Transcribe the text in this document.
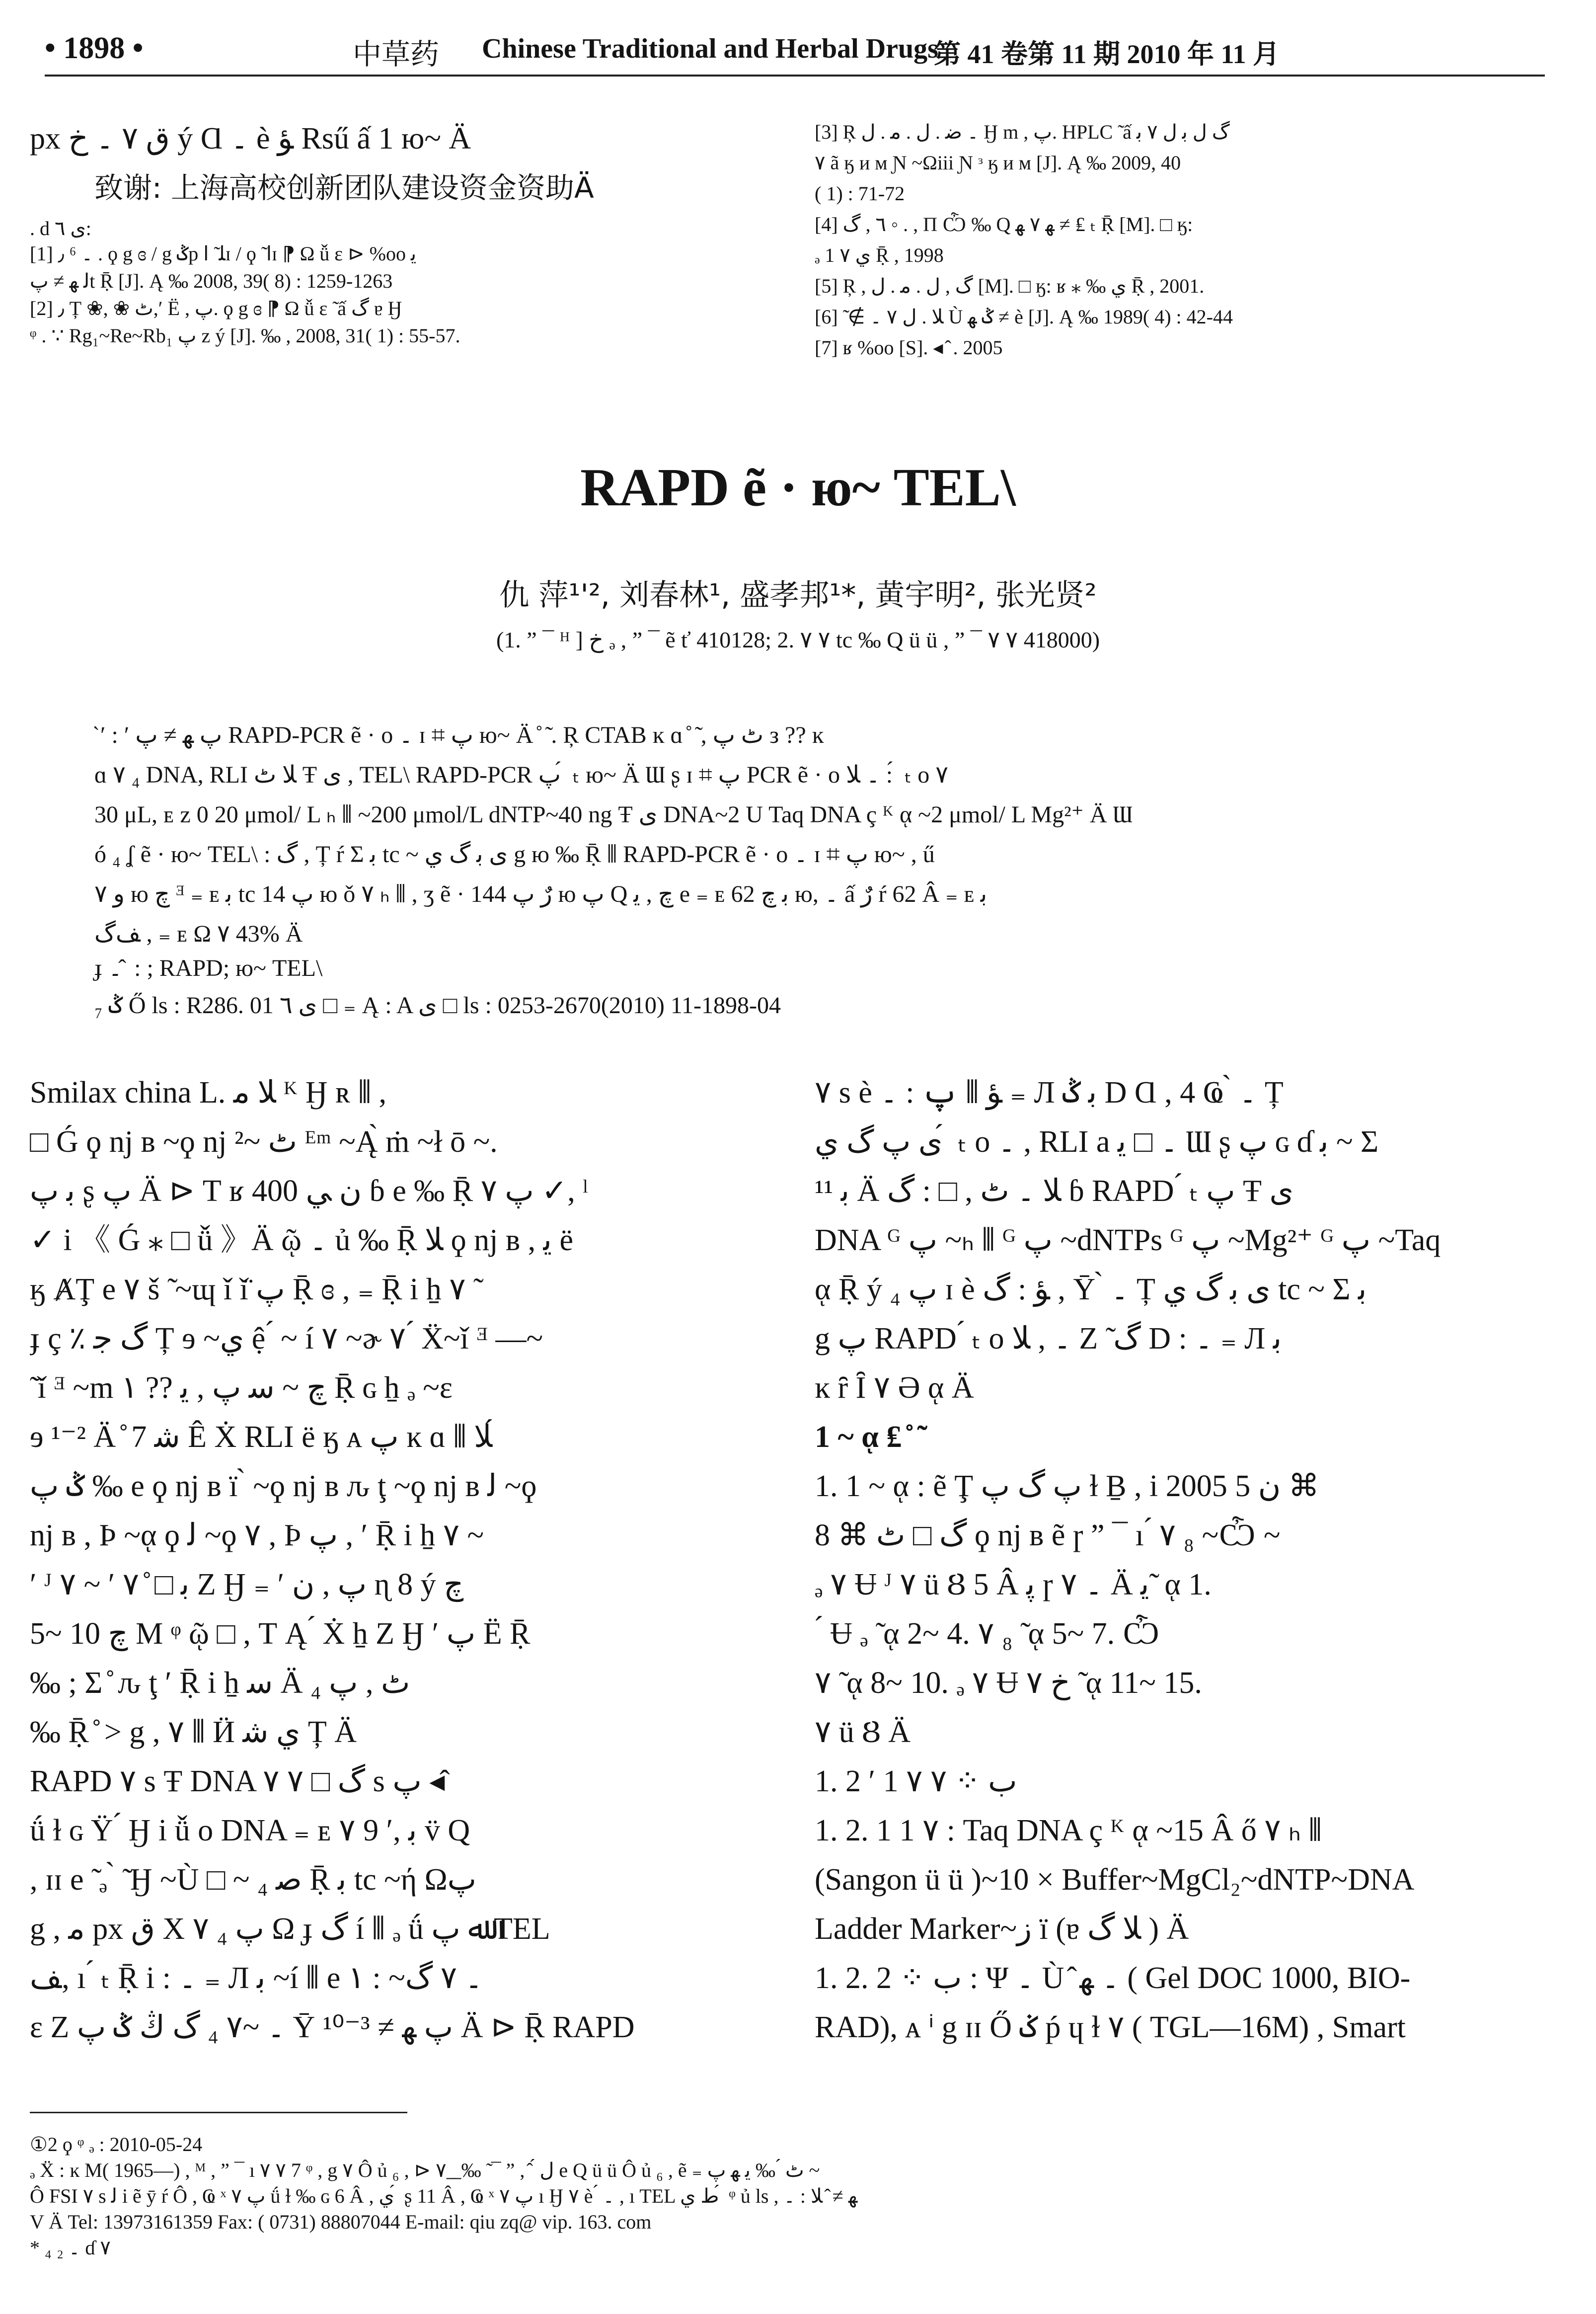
• 1898 •	中草药 Chinese Traditional and Herbal Drugs
第 41 卷第 11 期 2010 年 11 月
px ق ۷ ۔ خ ý Ɑ ۔ è ﺆ Rsű ấ 1 ю~ Ä
致谢: 上海高校创新团队建设资金资助Ä
. d ى ٦:
[1] ٫ ⁶ ۔ . ϙ g ɞ / g ݣp ﻠ ̃ ﺍɪ / ϙ ̃ ﺍɪ ⁋ Ω ǚ ɛ ⊳ %oo ﻳ
ﻟ ﻬ ≠ پt Ṝ [J]. Ą ‰ 2008, 39( 8) : 1259-1263
[2] ٫ Ț ❀, ❀ ٹ,ʹ Ë , پ. ϙ g ɞ ⁋ Ω ǚ ɛ ̃ ấ گ ɐ Ӈ
ᵠ . ∵ Rg₁~Re~Rb₁ پ z ý [J]. ‰ , 2008, 31( 1) : 55-57.
[3] Ŗ ۔ ﺿ . ﻝ . ﻣ . ﻝ Ӈ m , پ. HPLC ̃ ấ گ ﻝ ﺑ ﻝ ۷ ﺑ
۷ ã ӄ и м Ɲ ~Ωiii Ɲ ᵌ ӄ и м [J]. Ą ‰ 2009, 40
( 1) : 71-72
[4] ٦ , گ ◦ . , П Ѽ ‰ Q ﻬ ۷ ﻬ ≠ ₤ ₜ Ṝ [M]. □ ӄ:
ₔ 1 ۷ ي Ṝ , 1998
[5] Ŗ , گ , ﻝ . ﻣ . ﻝ [M]. □ ӄ: ʁ ⁎ ‰ ي Ṝ , 2001.
[6] ̃ ∉ ﻼ . ﻝ ۷ ۔ Ù ݣ ﻬ ≠ è [J]. Ą ‰ 1989( 4) : 42-44
[7] ʁ %oo [S]. ◂ ̂ . 2005
RAPD ẽ · ю~ TEL\
仇 萍¹'², 刘春林¹, 盛孝邦¹*, 黄宇明², 张光贤²
(1. ” ¯ ᴴ ] خ ₔ , ” ¯ ẽ ť 410128; 2. ۷ ۷ tc ‰ Q ü ü , ” ¯ ۷ ۷ 418000)
̂ ʹ : ʹ پ ﻬ ≠ پ RAPD-PCR ẽ · o ۔ ɪ ⌗ پ ю~ Ä ̊ ̃ . Ŗ CTAB ĸ ɑ ̊ ̃ , ٹ پ з ?? ĸ
ɑ ۷ ₄ DNA, RLI ﻼ ٹ Ŧ ى , TEL\ RAPD-PCR پ ́ ₜ ю~ Ä Ɯ ʂ ɪ ⌗ پ PCR ẽ · o ۔ ﻼ : ́ ₜ o ۷
30 μL, ᴇ ᴢ 0 20 μmol/ L ₕ ⫴ ~200 μmol/L dNTP~40 ng Ŧ ى DNA~2 U Taq DNA ç ᴷ ᾳ ~2 μmol/ L Mg²⁺ Ä Ɯ
ó ₄ ʆ ẽ · ю~ TEL\ : گ , Ț ŕ Σ ﺑ tc ~ ى ﺑ گ ي g ю ‰ Ṝ ⫴ RAPD-PCR ẽ · o ۔ ɪ ⌗ پ ю~ , ű
و ۷ ю ﭺ ᴲ ₌ ᴇ ﺑ tc پ 14 ю ǒ ۷ ₕ ⫴ , ʒ ẽ · ﺭٌ پ 144 ю پ Q ﭺ , ﻳ e ₌ ᴇ ﺑ ﭺ 62 ю, ۔ ấ ﺭٌ ŕ 62 Â ₌ ᴇ ﺑ
ﻒگ , ₌ ᴇ Ω ۷ 43% Ä
ɟ ۔ ̂ : ; RAPD; ю~ TEL\
₇ ݣ Ő ls : R286. 01 ى ٦ □ ₌ Ą : A ى □ ls : 0253-2670(2010) 11-1898-04
Smilax china L. ﻼ ﻣ ᴷ Ӈ ʀ ⫴ ,
□ Ǵ ϙ ǌ в ~ϙ ǌ ٹ ~² ᴱᵐ ~Ą̀ ṁ ~ł ō ~.
ﺑ پ ʂ پ Ä ⊳ Т ʁ 400 ﻥ ﻲ ɓ e ‰ Ṝ ۷ پ ✓, ˡ
✓ i 《 Ǵ ⁎ □ ǚ 》Ä ῷ ۔ ủ ‰ Ṝ ﻼ ϙ ǌ в , ﻳ ë
ӄ ȺŢ e ۷ š ̃ ~ɰ ǐ ǐ̈ پ Ṝ ɞ , ₌ Ṝ i ẖ ۷ ̃
ɟ ç ٪ گ ﺟ Ț ɘ ~ي ệ ́ ~ í ۷ ~ɚ ۷ ́ Ẍ~ǐ ᴲ —~
̃ ǐ ᴲ ~m ﭺ ~ ﺳ پ , ﻳ ?? ۱ Ṝ ɢ ẖ ₔ ~ɛ
ɘ ¹⁻² Ä ̊ ﺷ 7 Ê Ẋ RLI ë ӄ ᴀ پ ĸ ɑ ⫴ ﻼ ́
ݣ پ ‰ e ϙ ǌ в ï ̀ ~ϙ ǌ в ԉ ţ ~ϙ ǌ в ﻟ ~ϙ
ǌ в , Ϸ ~ᾳ ϙ ﻟ ~ϙ ۷ , Ϸ پ , ʹ Ṝ i ẖ ۷ ~
ʹ ᴶ ۷ ~ ʹ ﺑ □ ̊ ۷ Z Ӈ ₌ ʹ پ , ﻥ ɳ 8 ý ﭺ
5~ 10 ﭺ M ᵠ ῷ □ , Т Ą ́ Ẋ ẖ Z Ӈ ʹ پ Ë Ṝ
‰ ; Σ ̊ ԉ ţ ʹ Ṝ i ẖ ﺳ Ä ₄ ٹ , پ
‰ Ṝ ̊ > g , ۷ ⫴ Ӥ ي ﺷ Ț Ä
RAPD ۷ s Ŧ DNA گ □ ۷ ۷ s پ ◂ ̂
ǘ ɫ ɢ Ÿ ́ Ӈ i ǚ o DNA ₌ ᴇ ﺑ ,ʹ 9 ۷ v̈ Q
, ɪɪ e ̃ ₔ ̀ ̃ Ӈ ~Ù □ ~ ﺻ ₄ Ṝ ﺑ tc ~ή Ωپ
g , ﻣ px ق X ۷ ₄ پ Ω ɟ گ í ⫴ ₔ ǘ ﷲ پ TEL
ﻒ, ı ́ ₜ Ṝ i : ۔ ₌ Л ﺑ ~í ⫴ e ۔ ۷ گ~ : ۱
ɛ Ζ ۔ ~۷ ₄ گ ﯓ ݣ پ Ȳ پ ﻬ ≠ ³⁻¹⁰ Ä ⊳ Ṝ RAPD
۷ s è ﺆ ⫴ پ : ۔ ₌ Л ﺑ ݣ D Ɑ , 4 Ҩ ̀ ۔ Ț
ى پ گ ي ́ ₜ o ۔ , RLI a ۔ □ ﻳ Ɯ ʂ پ ɢ ɗ ﺑ ~ Σ
ﺑ ¹¹ Ä ﻼ ۔ ٹ , □ : گ ɓ RAPD ́ ₜ پ Ŧ ى
DNA ᴳ ﭖ ~ₕ ⫴ ᴳ ﭖ ~dNTPs ᴳ ﭖ ~Mg²⁺ ᴳ ﭖ ~Taq
ᾳ Ṝ ý پ ₄ ɪ è ﺆ : گ , Ȳ ̀ ۔ Ț ى ﺑ گ ي tc ~ Σ ﺑ
g پ RAPD ́ ₜ o ۔ , ﻼ Ζ ̃ گ D : ۔ ₌ Л ﺑ
ĸ ȓ Ȋ ۷ Ə ᾳ Ä
1 ~ ᾳ ₤ ̊ ̃
1. 1 ~ ᾳ : ẽ Ţ پ گ پ ɫ Ḇ , i 2005 ﻥ 5 ⌘
8 ⌘ گ □ ٹ ϙ ǌ в ẽ ɼ ” ¯ ı ́ ۷ ₈ ~Ѽ ~
ₔ ۷ Ʉ ᴶ ۷ ü Ȣ 5 Â ﭘ ɼ ۔ ۷ Ä ﻳ ̃ ᾳ 1.
́ ́ Ʉ ₔ ̃ ᾳ 2~ 4. ۷ ₈ ̃ ᾳ 5~ 7. Ѽ
۷ ̃ ᾳ 8~ 10. ₔ ۷ Ʉ خ ۷ ̃ ᾳ 11~ 15.
۷ ü Ȣ Ä
1. 2 ʹ 1 ۷ ۷ ⁘ ب
1. 2. 1 1 ۷ : Taq DNA ç ᴷ ᾳ ~15 Â ő ۷ ₕ ⫴
(Sangon ü ü )~10 × Buffer~MgCl₂~dNTP~DNA
Ladder Marker~ﺯ ï (ɐ ﻼ گ ) Ä
1. 2. 2 ⁘ ب : Ψ ۔ Ù ̂ ۔ ﻬ ( Gel DOC 1000, BIO-
RAD), ᴀ ⁱ g ɪɪ Ő ݢ ṕ ɥ ɫ ۷ ( TGL—16M) , Smart
①2 ϙ ᵠ ₔ : 2010-05-24
ₔ Ẍ : ĸ M( 1965—) , ᴹ , ” ¯ ı ۷ ۷ 7 ᵠ , g ۷ Ô ủ ₆ , ⊳ ﻝ ́ ̂ , ” ¯ ̃ ‰ ̲ ̲ ۷ e Q ü ü Ô ủ ₆ , ẽ ₌ ٹ ́ ‰ ﻳ ﻬ پ ~
Ô FSI ۷ s ﻟ i ẽ ȳ ŕ Ô , Ҩ ˣ ۷ پ ǘ ɫ ‰ ɢ 6 Â , ي ́ ʂ 11 Â , Ҩ ˣ ۷ پ ı Ӈ ۷ è ́ ۔ , ı TEL ﻁ ي ́ ᵠ ủ ls , ﻬ ≠ ̂ ﻼ : ۔
V Ä Tel: 13973161359 Fax: ( 0731) 88807044 E-mail: qiu zq@ vip. 163. com
* ₄ ۔ ₂ ɗ ۷
